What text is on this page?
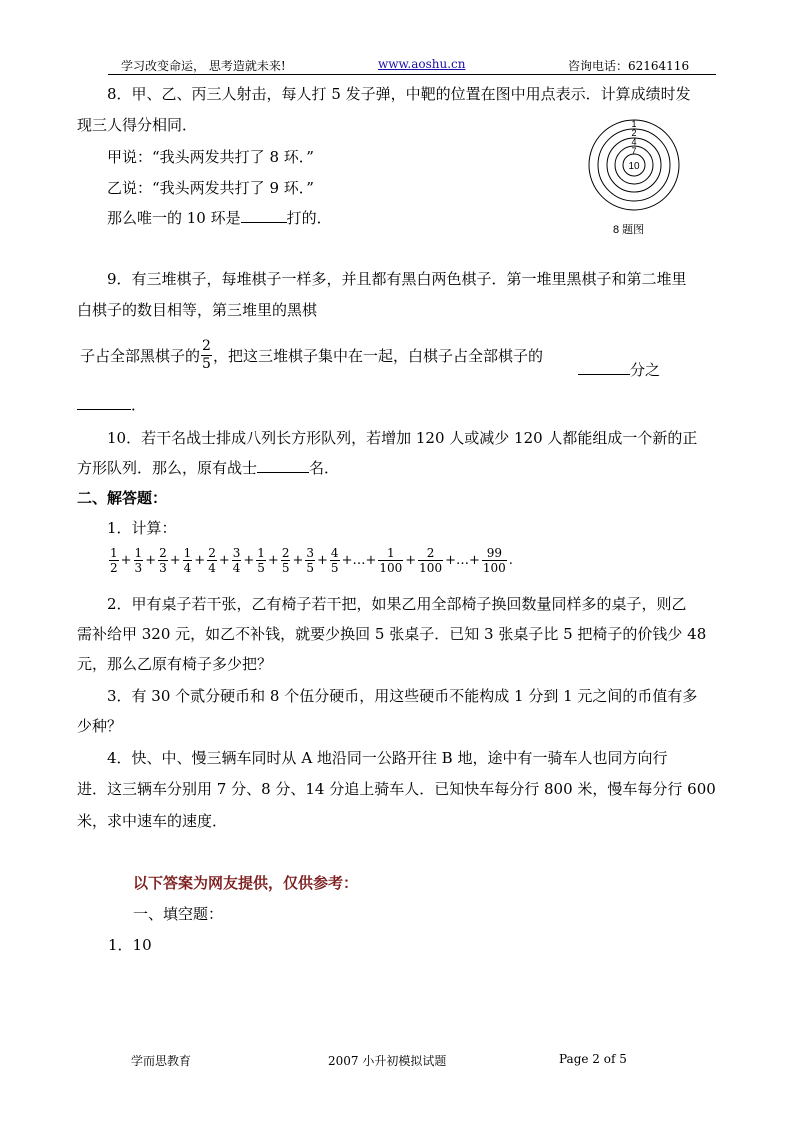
学习改变命运， 思考造就未来!	www.aoshu.cn	咨询电话：62164116
8．甲、乙、丙三人射击，每人打 5 发子弹，中靶的位置在图中用点表示．计算成绩时发
现三人得分相同．
甲说：“我头两发共打了 8 环．”
乙说：“我头两发共打了 9 环．”
那么唯一的 10 环是	打的．
1
2
4
7
10
8 题图
9．有三堆棋子，每堆棋子一样多，并且都有黑白两色棋子．第一堆里黑棋子和第二堆里
白棋子的数目相等，第三堆里的黑棋
子占全部黑棋子的 $\frac{2}{5}$ ，把这三堆棋子集中在一起，白棋子占全部棋子的
分之
．
10．若干名战士排成八列长方形队列，若增加 120 人或减少 120 人都能组成一个新的正
方形队列．那么，原有战士	名．
二、解答题：
1．计算：
$\frac{1}{2} + \frac{1}{3} + \frac{2}{3} + \frac{1}{4} + \frac{2}{4} + \frac{3}{4} + \frac{1}{5} + \frac{2}{5} + \frac{3}{5} + \frac{4}{5}$ +…+ $\frac{1}{100} + \frac{2}{100}$ +…+ $\frac{99}{100}$ .
2．甲有桌子若干张，乙有椅子若干把，如果乙用全部椅子换回数量同样多的桌子，则乙
需补给甲 320 元，如乙不补钱，就要少换回 5 张桌子．已知 3 张桌子比 5 把椅子的价钱少 48
元，那么乙原有椅子多少把？
3．有 30 个贰分硬币和 8 个伍分硬币，用这些硬币不能构成 1 分到 1 元之间的币值有多
少种？
4．快、中、慢三辆车同时从 A 地沿同一公路开往 B 地，途中有一骑车人也同方向行
进．这三辆车分别用 7 分、8 分、14 分追上骑车人．已知快车每分行 800 米，慢车每分行 600
米，求中速车的速度．
以下答案为网友提供，仅供参考：
一、填空题：
1．10
学而思教育	2007 小升初模拟试题	Page 2 of 5
